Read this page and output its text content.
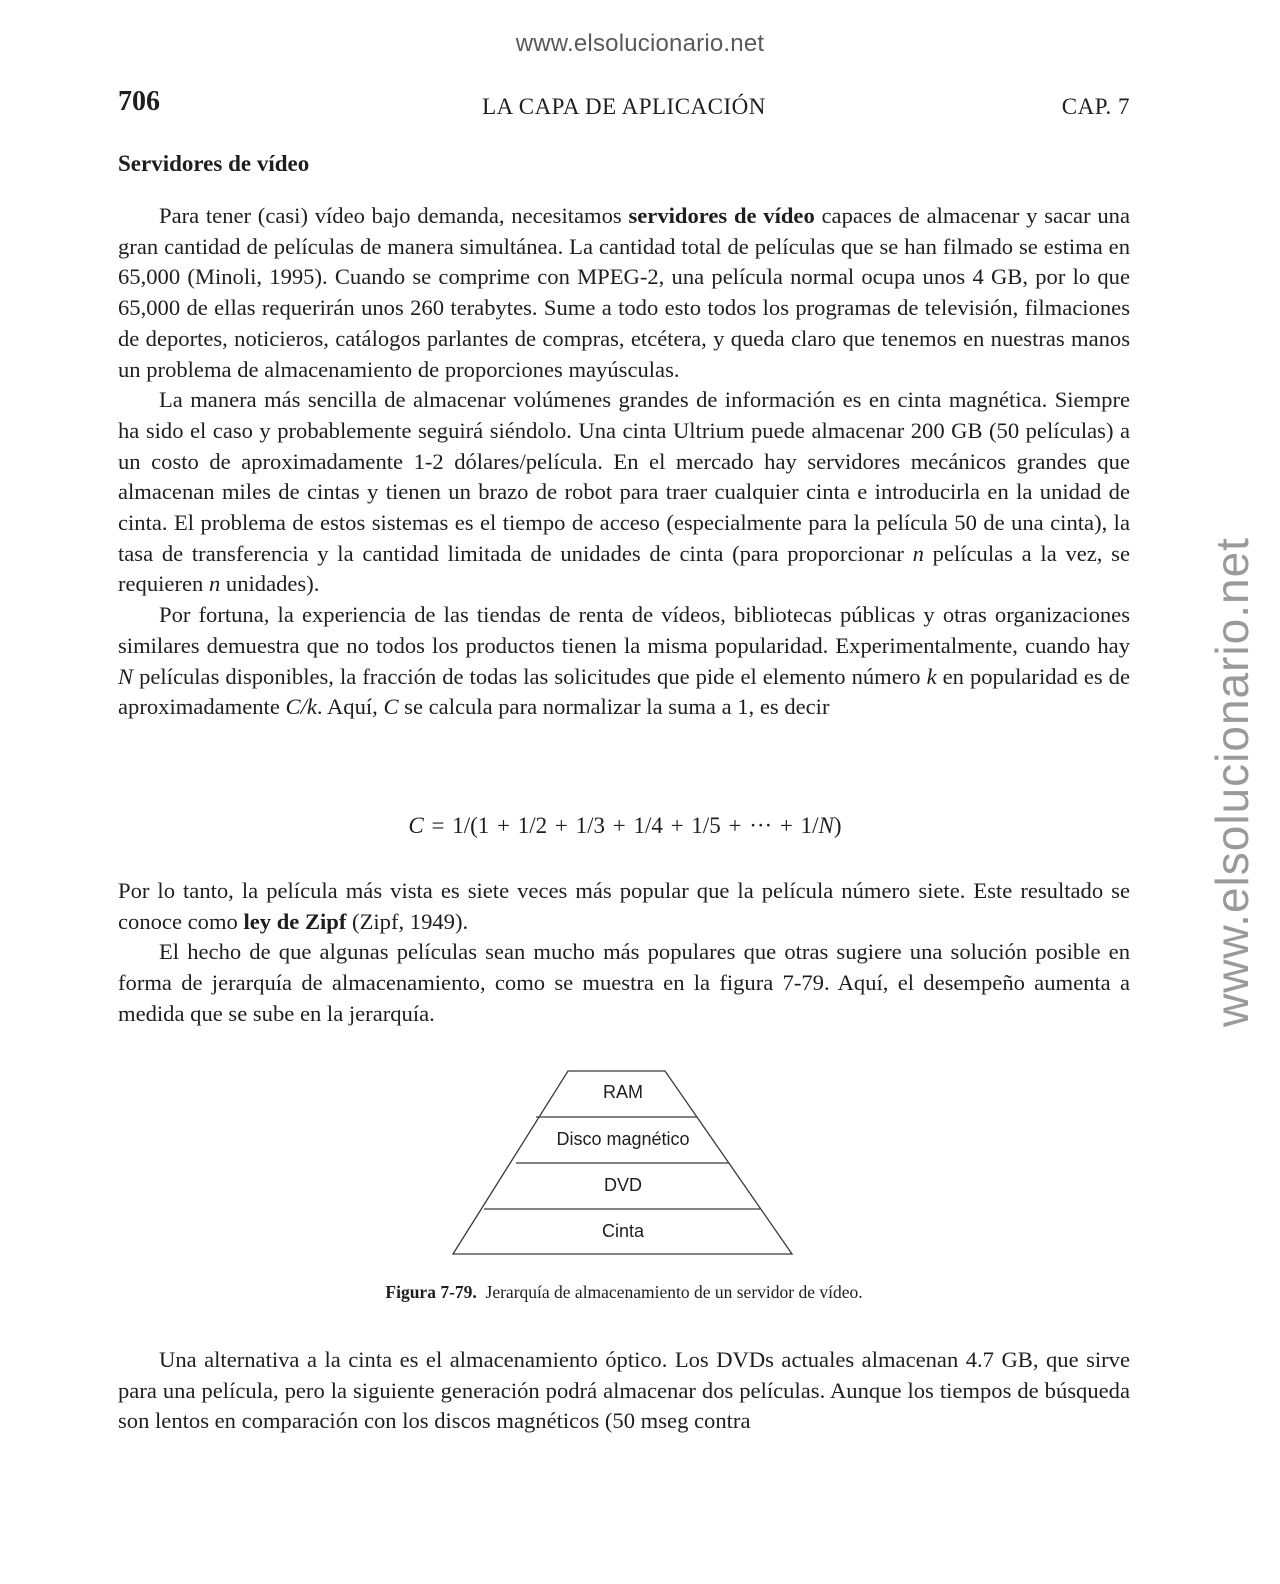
www.elsolucionario.net
www.elsolucionario.net
706	LA CAPA DE APLICACIÓN	CAP. 7
Servidores de vídeo

Para tener (casi) vídeo bajo demanda, necesitamos servidores de vídeo capaces de almacenar y sacar una gran cantidad de películas de manera simultánea. La cantidad total de películas que se han filmado se estima en 65,000 (Minoli, 1995). Cuando se comprime con MPEG-2, una película normal ocupa unos 4 GB, por lo que 65,000 de ellas requerirán unos 260 terabytes. Sume a todo esto todos los programas de televisión, filmaciones de deportes, noticieros, catálogos parlantes de compras, etcétera, y queda claro que tenemos en nuestras manos un problema de almacenamiento de proporciones mayúsculas.

La manera más sencilla de almacenar volúmenes grandes de información es en cinta magnética. Siempre ha sido el caso y probablemente seguirá siéndolo. Una cinta Ultrium puede almacenar 200 GB (50 películas) a un costo de aproximadamente 1-2 dólares/película. En el mercado hay servidores mecánicos grandes que almacenan miles de cintas y tienen un brazo de robot para traer cualquier cinta e introducirla en la unidad de cinta. El problema de estos sistemas es el tiempo de acceso (especialmente para la película 50 de una cinta), la tasa de transferencia y la cantidad limitada de unidades de cinta (para proporcionar n películas a la vez, se requieren n unidades).

Por fortuna, la experiencia de las tiendas de renta de vídeos, bibliotecas públicas y otras organizaciones similares demuestra que no todos los productos tienen la misma popularidad. Experimentalmente, cuando hay N películas disponibles, la fracción de todas las solicitudes que pide el elemento número k en popularidad es de aproximadamente C/k. Aquí, C se calcula para normalizar la suma a 1, es decir

C = 1/(1 + 1/2 + 1/3 + 1/4 + 1/5 + ··· + 1/N)

Por lo tanto, la película más vista es siete veces más popular que la película número siete. Este resultado se conoce como ley de Zipf (Zipf, 1949).

El hecho de que algunas películas sean mucho más populares que otras sugiere una solución posible en forma de jerarquía de almacenamiento, como se muestra en la figura 7-79. Aquí, el desempeño aumenta a medida que se sube en la jerarquía.

RAM
Disco magnético
DVD
Cinta
Figura 7-79. Jerarquía de almacenamiento de un servidor de vídeo.

Una alternativa a la cinta es el almacenamiento óptico. Los DVDs actuales almacenan 4.7 GB, que sirve para una película, pero la siguiente generación podrá almacenar dos películas. Aunque los tiempos de búsqueda son lentos en comparación con los discos magnéticos (50 mseg contra
